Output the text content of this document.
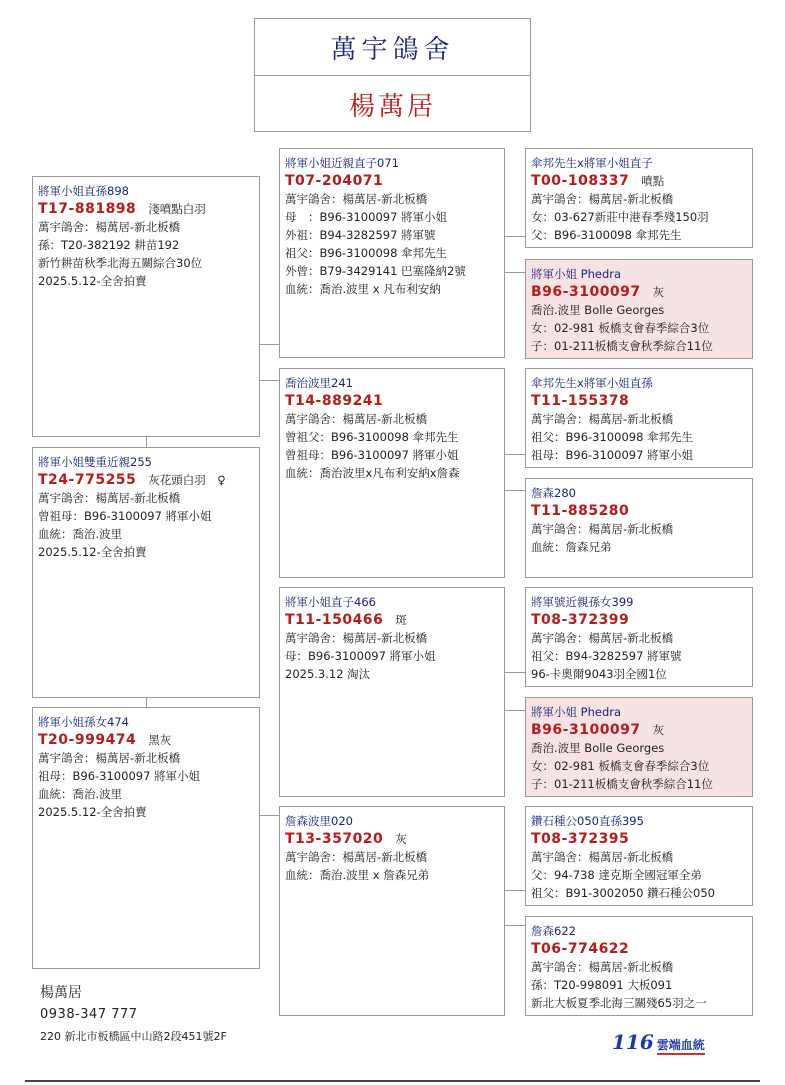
萬宇鴿舍
楊萬居
將軍小姐直孫898
T17-881898 淺噴點白羽
萬宇鴿舍：楊萬居-新北板橋
孫：T20-382192 耕苗192
新竹耕苗秋季北海五關綜合30位
2025.5.12-全舍拍賣
將軍小姐雙重近親255
T24-775255 灰花頭白羽　♀
萬宇鴿舍：楊萬居-新北板橋
曾祖母：B96-3100097 將軍小姐
血統：喬治.波里
2025.5.12-全舍拍賣
將軍小姐孫女474
T20-999474 黑灰
萬宇鴿舍：楊萬居-新北板橋
祖母：B96-3100097 將軍小姐
血統：喬治.波里
2025.5.12-全舍拍賣
將軍小姐近親直子071
T07-204071
萬宇鴿舍：楊萬居-新北板橋
母　：B96-3100097 將軍小姐
外祖：B94-3282597 將軍號
祖父：B96-3100098 傘邦先生
外曾：B79-3429141 巴塞隆納2號
血統：喬治.波里 x 凡布利安納
喬治波里241
T14-889241
萬宇鴿舍：楊萬居-新北板橋
曾祖父：B96-3100098 傘邦先生
曾祖母：B96-3100097 將軍小姐
血統：喬治波里x凡布利安納x詹森
將軍小姐直子466
T11-150466 斑
萬宇鴿舍：楊萬居-新北板橋
母：B96-3100097 將軍小姐
2025.3.12 淘汰
詹森波里020
T13-357020 灰
萬宇鴿舍：楊萬居-新北板橋
血統：喬治.波里 x 詹森兄弟
傘邦先生x將軍小姐直子
T00-108337 噴點
萬宇鴿舍：楊萬居-新北板橋
女：03-627新莊中港春季殘150羽
父：B96-3100098 傘邦先生
將軍小姐 Phedra
B96-3100097 灰
喬治.波里 Bolle Georges
女：02-981 板橋支會春季綜合3位
子：01-211板橋支會秋季綜合11位
傘邦先生x將軍小姐直孫
T11-155378
萬宇鴿舍：楊萬居-新北板橋
祖父：B96-3100098 傘邦先生
祖母：B96-3100097 將軍小姐
詹森280
T11-885280
萬宇鴿舍：楊萬居-新北板橋
血統：詹森兄弟
將軍號近親孫女399
T08-372399
萬宇鴿舍：楊萬居-新北板橋
祖父：B94-3282597 將軍號
96-卡奧爾9043羽全國1位
將軍小姐 Phedra
B96-3100097 灰
喬治.波里 Bolle Georges
女：02-981 板橋支會春季綜合3位
子：01-211板橋支會秋季綜合11位
鑽石種公050直孫395
T08-372395
萬宇鴿舍：楊萬居-新北板橋
父：94-738 達克斯全國冠軍全弟
祖父：B91-3002050 鑽石種公050
詹森622
T06-774622
萬宇鴿舍：楊萬居-新北板橋
孫：T20-998091 大板091
新北大板夏季北海三關殘65羽之一
楊萬居
0938-347 777
220 新北市板橋區中山路2段451號2F	116 雲端血統
